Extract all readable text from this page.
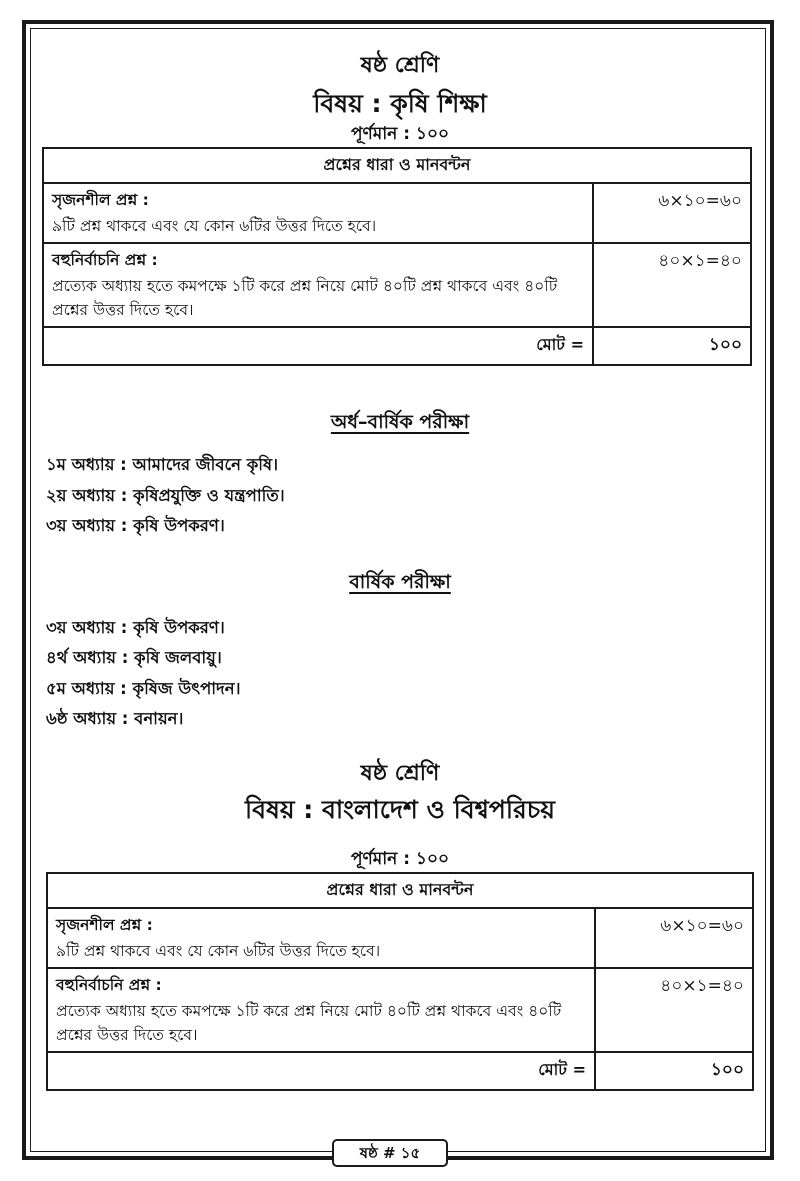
ষষ্ঠ শ্রেণি
বিষয় : কৃষি শিক্ষা
পূর্ণমান : ১০০
প্রশ্নের ধারা ও মানবন্টন	

সৃজনশীল প্রশ্ন :
৯টি প্রশ্ন থাকবে এবং যে কোন ৬টির উত্তর দিতে হবে।	৬×১০=৬০

বহুনির্বাচনি প্রশ্ন :
প্রত্যেক অধ্যায় হতে কমপক্ষে ১টি করে প্রশ্ন নিয়ে মোট ৪০টি প্রশ্ন থাকবে এবং ৪০টি প্রশ্নের উত্তর দিতে হবে।	৪০×১=৪০
মোট =	১০০
অর্ধ–বার্ষিক পরীক্ষা
১ম অধ্যায় : আমাদের জীবনে কৃষি।
২য় অধ্যায় : কৃষিপ্রযুক্তি ও যন্ত্রপাতি।
৩য় অধ্যায় : কৃষি উপকরণ।
বার্ষিক পরীক্ষা
৩য় অধ্যায় : কৃষি উপকরণ।
৪র্থ অধ্যায় : কৃষি জলবায়ু।
৫ম অধ্যায় : কৃষিজ উৎপাদন।
৬ষ্ঠ অধ্যায় : বনায়ন।
ষষ্ঠ শ্রেণি
বিষয় : বাংলাদেশ ও বিশ্বপরিচয়
পূর্ণমান : ১০০
প্রশ্নের ধারা ও মানবন্টন	

সৃজনশীল প্রশ্ন :
৯টি প্রশ্ন থাকবে এবং যে কোন ৬টির উত্তর দিতে হবে।	৬×১০=৬০

বহুনির্বাচনি প্রশ্ন :
প্রত্যেক অধ্যায় হতে কমপক্ষে ১টি করে প্রশ্ন নিয়ে মোট ৪০টি প্রশ্ন থাকবে এবং ৪০টি প্রশ্নের উত্তর দিতে হবে।	৪০×১=৪০
মোট =	১০০
ষষ্ঠ # ১৫
